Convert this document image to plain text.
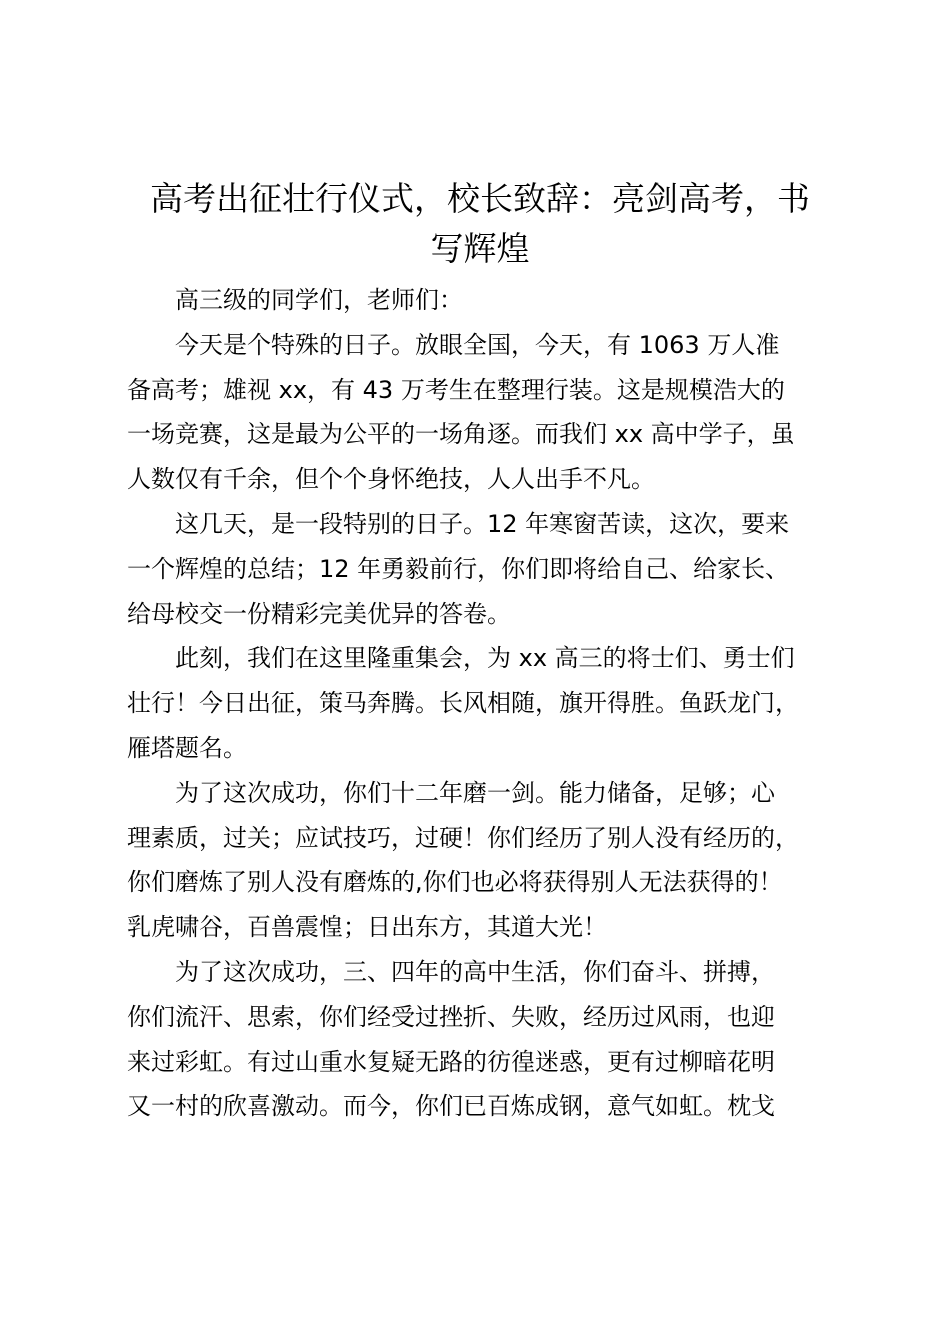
高考出征壮行仪式，校长致辞：亮剑高考，书
写辉煌
高三级的同学们，老师们：
今天是个特殊的日子。放眼全国，今天，有 1063 万人准
备高考；雄视 xx，有 43 万考生在整理行装。这是规模浩大的
一场竞赛，这是最为公平的一场角逐。而我们 xx 高中学子，虽
人数仅有千余，但个个身怀绝技，人人出手不凡。
这几天，是一段特别的日子。12 年寒窗苦读，这次，要来
一个辉煌的总结；12 年勇毅前行，你们即将给自己、给家长、
给母校交一份精彩完美优异的答卷。
此刻，我们在这里隆重集会，为 xx 高三的将士们、勇士们
壮行！今日出征，策马奔腾。长风相随，旗开得胜。鱼跃龙门，
雁塔题名。
为了这次成功，你们十二年磨一剑。能力储备，足够；心
理素质，过关；应试技巧，过硬！你们经历了别人没有经历的，
你们磨炼了别人没有磨炼的,你们也必将获得别人无法获得的！
乳虎啸谷，百兽震惶；日出东方，其道大光！
为了这次成功，三、四年的高中生活，你们奋斗、拼搏，
你们流汗、思索，你们经受过挫折、失败，经历过风雨，也迎
来过彩虹。有过山重水复疑无路的彷徨迷惑，更有过柳暗花明
又一村的欣喜激动。而今，你们已百炼成钢，意气如虹。枕戈
